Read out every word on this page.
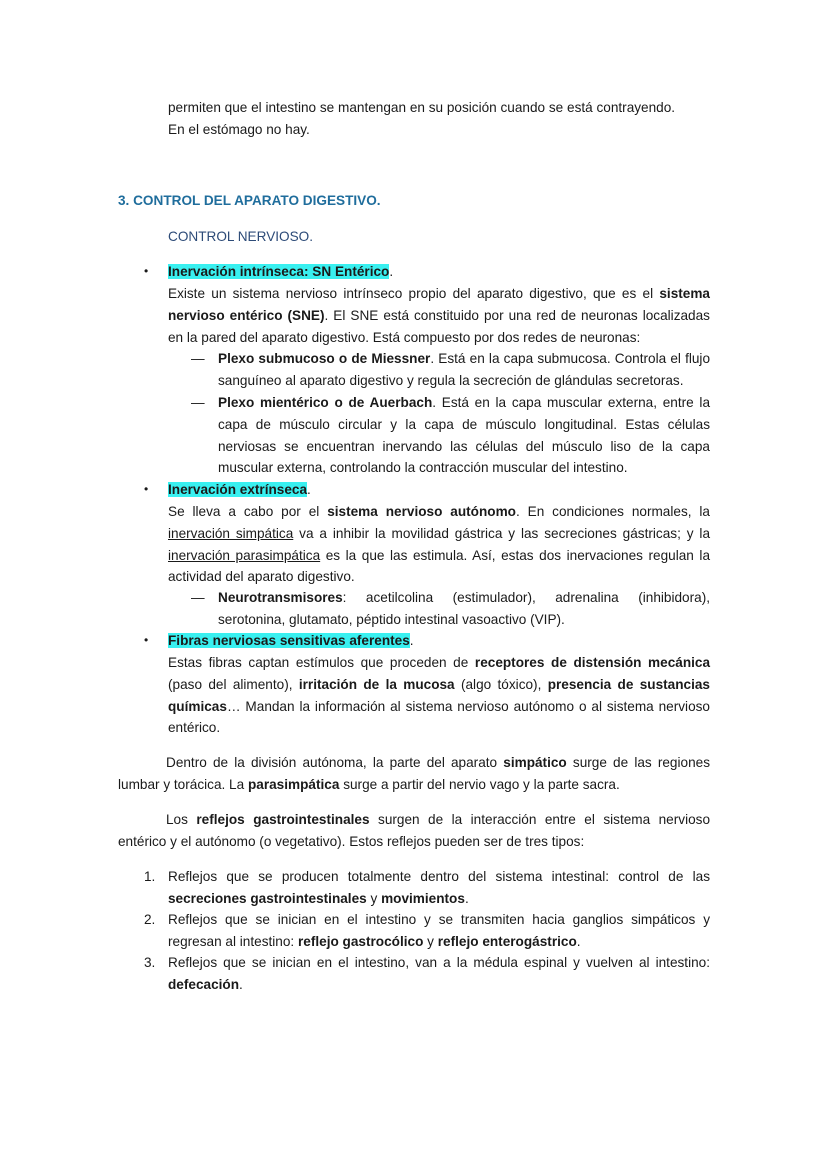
permiten que el intestino se mantengan en su posición cuando se está contrayendo.
En el estómago no hay.
3. CONTROL DEL APARATO DIGESTIVO.
CONTROL NERVIOSO.
• Inervación intrínseca: SN Entérico.
Existe un sistema nervioso intrínseco propio del aparato digestivo, que es el sistema nervioso entérico (SNE). El SNE está constituido por una red de neuronas localizadas en la pared del aparato digestivo. Está compuesto por dos redes de neuronas:
— Plexo submucoso o de Miessner. Está en la capa submucosa. Controla el flujo sanguíneo al aparato digestivo y regula la secreción de glándulas secretoras.
— Plexo mientérico o de Auerbach. Está en la capa muscular externa, entre la capa de músculo circular y la capa de músculo longitudinal. Estas células nerviosas se encuentran inervando las células del músculo liso de la capa muscular externa, controlando la contracción muscular del intestino.
• Inervación extrínseca.
Se lleva a cabo por el sistema nervioso autónomo. En condiciones normales, la inervación simpática va a inhibir la movilidad gástrica y las secreciones gástricas; y la inervación parasimpática es la que las estimula. Así, estas dos inervaciones regulan la actividad del aparato digestivo.
— Neurotransmisores: acetilcolina (estimulador), adrenalina (inhibidora), serotonina, glutamato, péptido intestinal vasoactivo (VIP).
• Fibras nerviosas sensitivas aferentes.
Estas fibras captan estímulos que proceden de receptores de distensión mecánica (paso del alimento), irritación de la mucosa (algo tóxico), presencia de sustancias químicas… Mandan la información al sistema nervioso autónomo o al sistema nervioso entérico.
Dentro de la división autónoma, la parte del aparato simpático surge de las regiones lumbar y torácica. La parasimpática surge a partir del nervio vago y la parte sacra.
Los reflejos gastrointestinales surgen de la interacción entre el sistema nervioso entérico y el autónomo (o vegetativo). Estos reflejos pueden ser de tres tipos:
1. Reflejos que se producen totalmente dentro del sistema intestinal: control de las secreciones gastrointestinales y movimientos.
2. Reflejos que se inician en el intestino y se transmiten hacia ganglios simpáticos y regresan al intestino: reflejo gastrocólico y reflejo enterogástrico.
3. Reflejos que se inician en el intestino, van a la médula espinal y vuelven al intestino: defecación.
